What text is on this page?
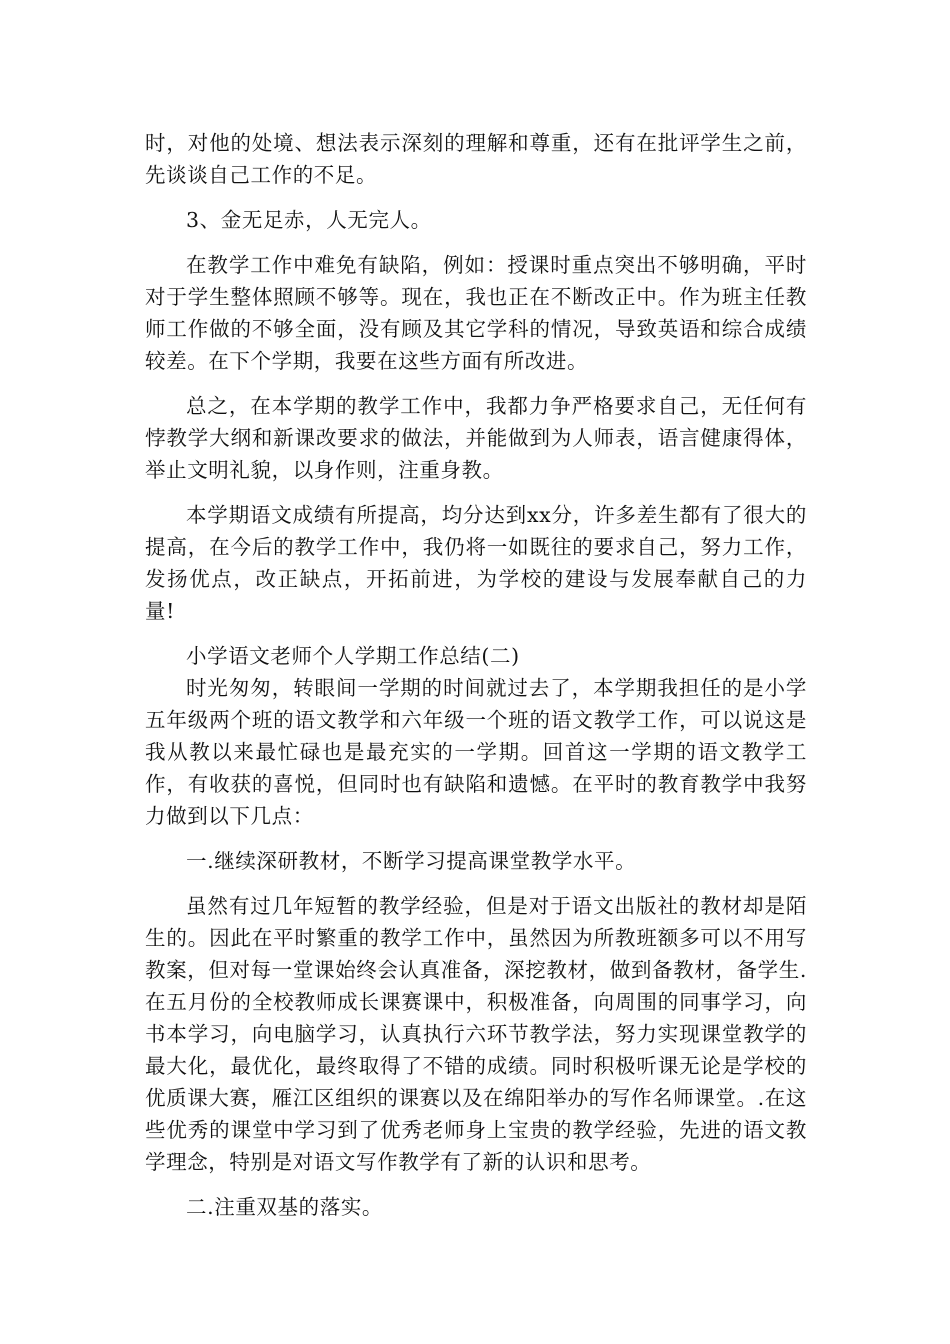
时，对他的处境、想法表示深刻的理解和尊重，还有在批评学生之前，先谈谈自己工作的不足。

3、金无足赤，人无完人。

在教学工作中难免有缺陷，例如：授课时重点突出不够明确，平时对于学生整体照顾不够等。现在，我也正在不断改正中。作为班主任教师工作做的不够全面，没有顾及其它学科的情况，导致英语和综合成绩较差。在下个学期，我要在这些方面有所改进。

总之，在本学期的教学工作中，我都力争严格要求自己，无任何有悖教学大纲和新课改要求的做法，并能做到为人师表，语言健康得体，举止文明礼貌，以身作则，注重身教。

本学期语文成绩有所提高，均分达到xx分，许多差生都有了很大的提高，在今后的教学工作中，我仍将一如既往的要求自己，努力工作，发扬优点，改正缺点，开拓前进，为学校的建设与发展奉献自己的力量!

小学语文老师个人学期工作总结(二)

时光匆匆，转眼间一学期的时间就过去了，本学期我担任的是小学五年级两个班的语文教学和六年级一个班的语文教学工作，可以说这是我从教以来最忙碌也是最充实的一学期。回首这一学期的语文教学工作，有收获的喜悦，但同时也有缺陷和遗憾。在平时的教育教学中我努力做到以下几点：

一.继续深研教材，不断学习提高课堂教学水平。

虽然有过几年短暂的教学经验，但是对于语文出版社的教材却是陌生的。因此在平时繁重的教学工作中，虽然因为所教班额多可以不用写教案，但对每一堂课始终会认真准备，深挖教材，做到备教材，备学生.在五月份的全校教师成长课赛课中，积极准备，向周围的同事学习，向书本学习，向电脑学习，认真执行六环节教学法，努力实现课堂教学的最大化，最优化，最终取得了不错的成绩。同时积极听课无论是学校的优质课大赛，雁江区组织的课赛以及在绵阳举办的写作名师课堂。.在这些优秀的课堂中学习到了优秀老师身上宝贵的教学经验，先进的语文教学理念，特别是对语文写作教学有了新的认识和思考。

二.注重双基的落实。
